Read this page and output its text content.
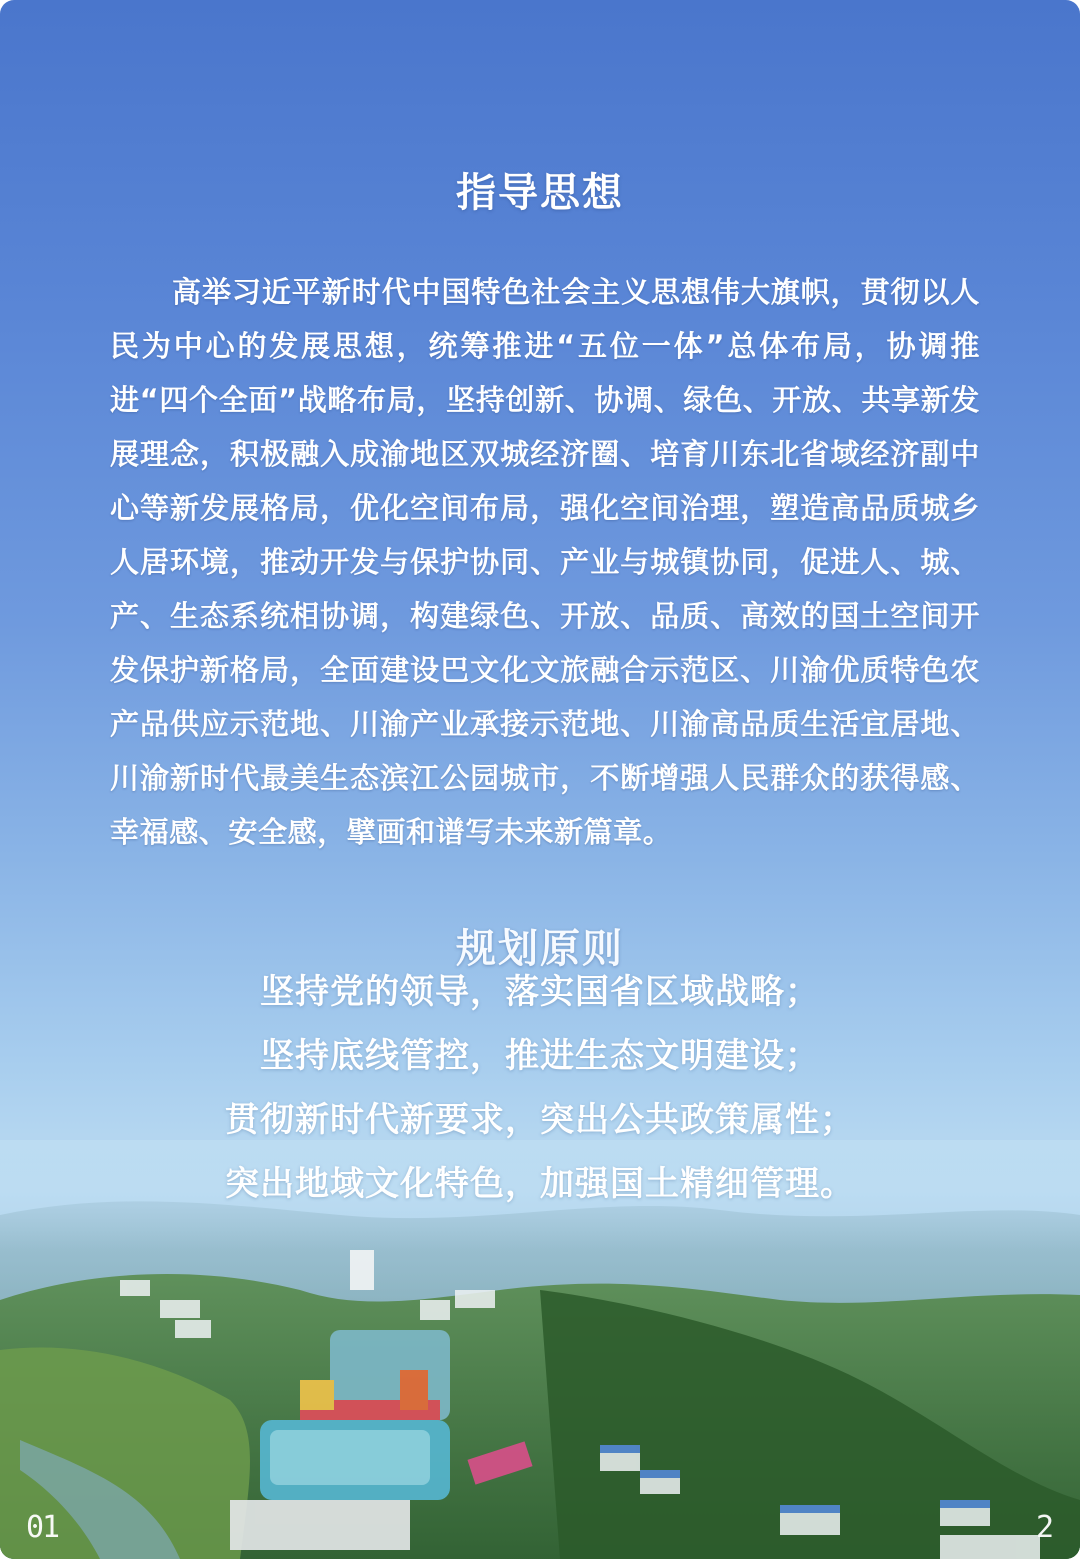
指导思想

高举习近平新时代中国特色社会主义思想伟大旗帜，贯彻以人民为中心的发展思想，统筹推进“五位一体”总体布局，协调推进“四个全面”战略布局，坚持创新、协调、绿色、开放、共享新发展理念，积极融入成渝地区双城经济圈、培育川东北省域经济副中心等新发展格局，优化空间布局，强化空间治理，塑造高品质城乡人居环境，推动开发与保护协同、产业与城镇协同，促进人、城、产、生态系统相协调，构建绿色、开放、品质、高效的国土空间开发保护新格局，全面建设巴文化文旅融合示范区、川渝优质特色农产品供应示范地、川渝产业承接示范地、川渝高品质生活宜居地、川渝新时代最美生态滨江公园城市，不断增强人民群众的获得感、幸福感、安全感，擘画和谱写未来新篇章。

规划原则
坚持党的领导，落实国省区域战略；
坚持底线管控，推进生态文明建设；
贯彻新时代新要求，突出公共政策属性；
突出地域文化特色，加强国土精细管理。
01	2
